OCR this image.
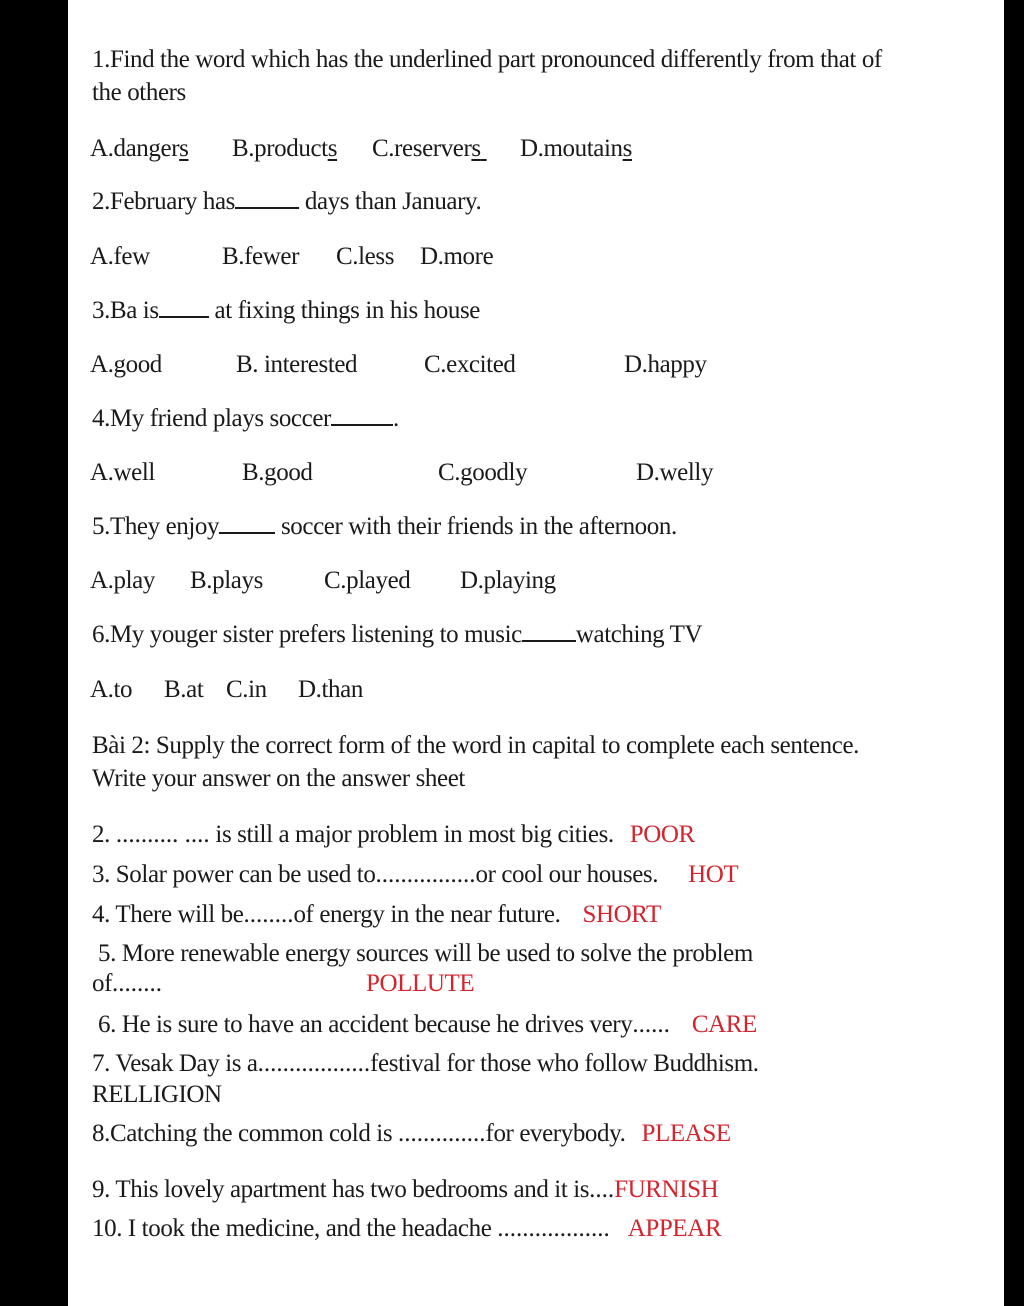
1.Find the word which has the underlined part pronounced differently from that of
the others
A.dangers B.products C.reservers D.moutains
2.February has	days than January.
A.few	B.fewer C.less D.more
3.Ba is at fixing things in his house
A.good	B. interested	C.excited	D.happy
4.My friend plays soccer .
A.well	B.good	C.goodly	D.welly
5.They enjoy soccer with their friends in the afternoon.
A.play B.plays C.played D.playing
6.My youger sister prefers listening to music watching TV
A.to B.at C.in D.than
Bài 2: Supply the correct form of the word in capital to complete each sentence.
Write your answer on the answer sheet
2. .......... .... is still a major problem in most big cities. POOR
3. Solar power can be used to................or cool our houses. HOT
4. There will be........of energy in the near future. SHORT
5. More renewable energy sources will be used to solve the problem
of........	POLLUTE
6. He is sure to have an accident because he drives very...... CARE
7. Vesak Day is a..................festival for those who follow Buddhism.
RELLIGION
8.Catching the common cold is ..............for everybody. PLEASE
9. This lovely apartment has two bedrooms and it is....FURNISH
10. I took the medicine, and the headache .................. APPEAR
